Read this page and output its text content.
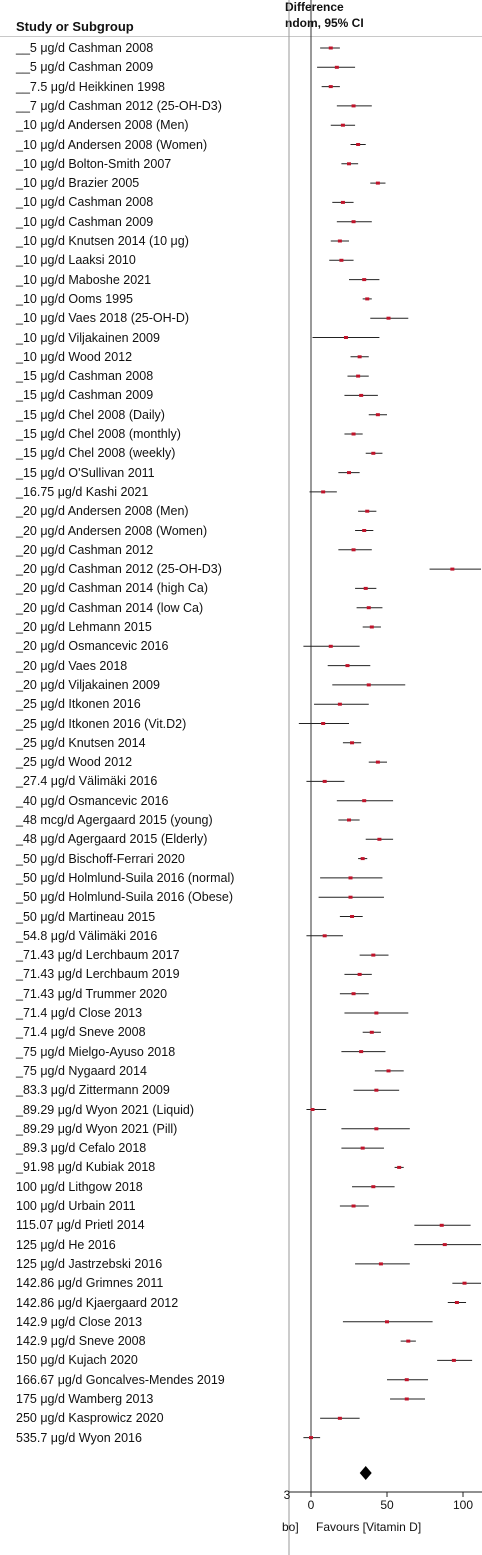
Study or Subgroup
Difference
ndom, 95% CI
__5 μg/d Cashman 2008
__5 μg/d Cashman 2009
__7.5 μg/d Heikkinen 1998
__7 μg/d Cashman 2012 (25-OH-D3)
_10 μg/d Andersen 2008 (Men)
_10 μg/d Andersen 2008 (Women)
_10 μg/d Bolton-Smith 2007
_10 μg/d Brazier 2005
_10 μg/d Cashman 2008
_10 μg/d Cashman 2009
_10 μg/d Knutsen 2014 (10 μg)
_10 μg/d Laaksi 2010
_10 μg/d Maboshe 2021
_10 μg/d Ooms 1995
_10 μg/d Vaes 2018 (25-OH-D)
_10 μg/d Viljakainen 2009
_10 μg/d Wood 2012
_15 μg/d Cashman 2008
_15 μg/d Cashman 2009
_15 μg/d Chel 2008 (Daily)
_15 μg/d Chel 2008 (monthly)
_15 μg/d Chel 2008 (weekly)
_15 μg/d O'Sullivan 2011
_16.75 μg/d Kashi 2021
_20 μg/d Andersen 2008 (Men)
_20 μg/d Andersen 2008 (Women)
_20 μg/d Cashman 2012
_20 μg/d Cashman 2012 (25-OH-D3)
_20 μg/d Cashman 2014 (high Ca)
_20 μg/d Cashman 2014 (low Ca)
_20 μg/d Lehmann 2015
_20 μg/d Osmancevic 2016
_20 μg/d Vaes 2018
_20 μg/d Viljakainen 2009
_25 μg/d Itkonen 2016
_25 μg/d Itkonen 2016 (Vit.D2)
_25 μg/d Knutsen 2014
_25 μg/d Wood 2012
_27.4 μg/d Välimäki 2016
_40 μg/d Osmancevic 2016
_48 mcg/d Agergaard 2015 (young)
_48 μg/d Agergaard 2015 (Elderly)
_50 μg/d Bischoff-Ferrari 2020
_50 μg/d Holmlund-Suila 2016 (normal)
_50 μg/d Holmlund-Suila 2016 (Obese)
_50 μg/d Martineau 2015
_54.8 μg/d Välimäki 2016
_71.43 μg/d Lerchbaum 2017
_71.43 μg/d Lerchbaum 2019
_71.43 μg/d Trummer 2020
_71.4 μg/d Close 2013
_71.4 μg/d Sneve 2008
_75 μg/d Mielgo-Ayuso 2018
_75 μg/d Nygaard 2014
_83.3 μg/d Zittermann 2009
_89.29 μg/d Wyon 2021 (Liquid)
_89.29 μg/d Wyon 2021 (Pill)
_89.3 μg/d Cefalo 2018
_91.98 μg/d Kubiak 2018
100 μg/d Lithgow 2018
100 μg/d Urbain 2011
115.07 μg/d Prietl 2014
125 μg/d He 2016
125 μg/d Jastrzebski 2016
142.86 μg/d Grimnes 2011
142.86 μg/d Kjaergaard 2012
142.9 μg/d Close 2013
142.9 μg/d Sneve 2008
150 μg/d Kujach 2020
166.67 μg/d Goncalves-Mendes 2019
175 μg/d Wamberg 2013
250 μg/d Kasprowicz 2020
535.7 μg/d Wyon 2016
0	50	100
3
bo] Favours [Vitamin D]
